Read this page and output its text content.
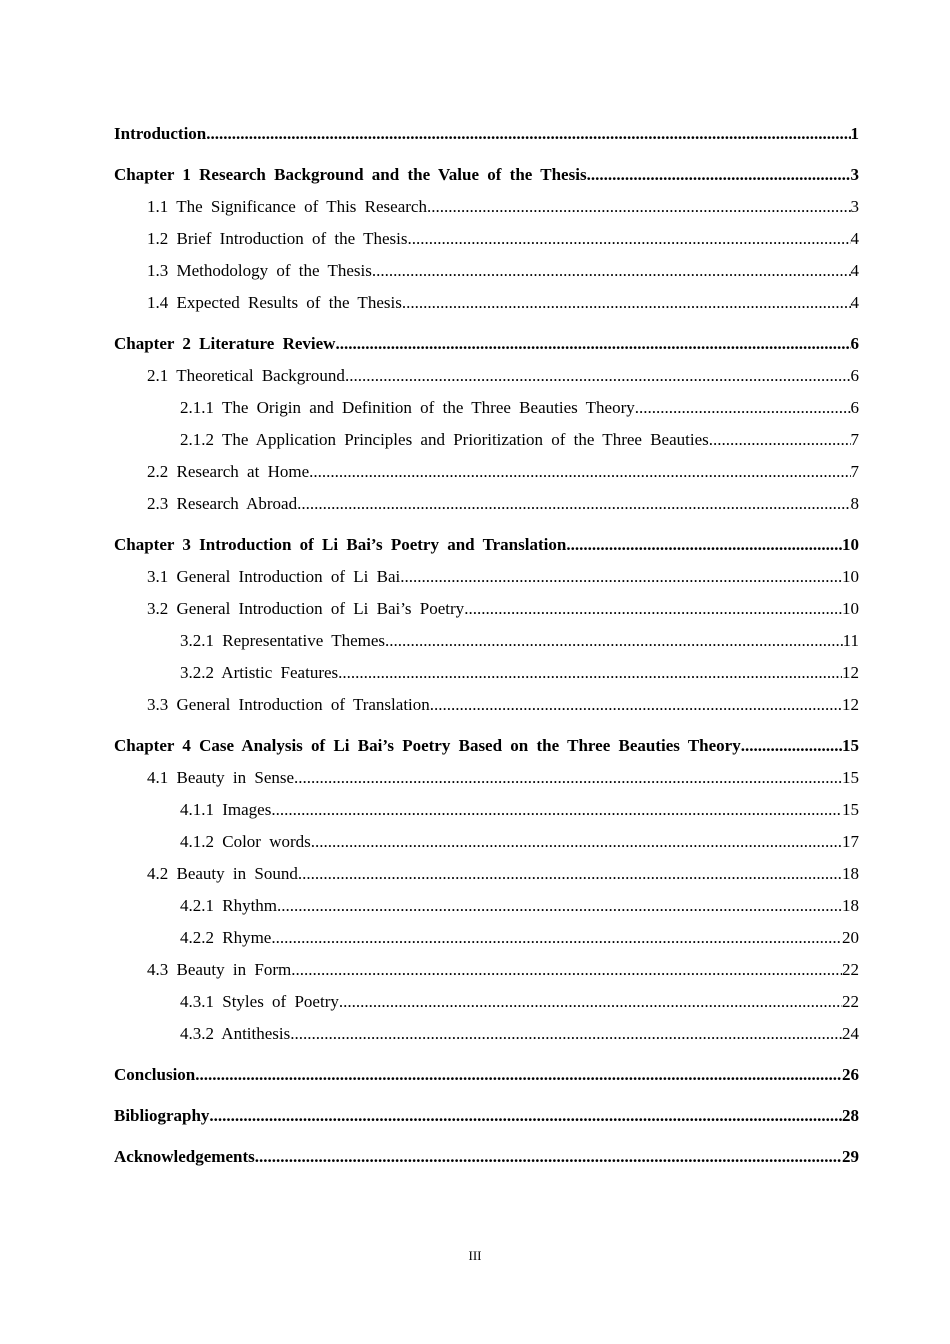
Introduction .....	1
Chapter 1 Research Background and the Value of the Thesis .....	3
1.1 The Significance of This Research .....	3
1.2 Brief Introduction of the Thesis .....	4
1.3 Methodology of the Thesis .....	4
1.4 Expected Results of the Thesis .....	4
Chapter 2 Literature Review .....	6
2.1 Theoretical Background .....	6
2.1.1 The Origin and Definition of the Three Beauties Theory .....	6
2.1.2 The Application Principles and Prioritization of the Three Beauties .....	7
2.2 Research at Home .....	7
2.3 Research Abroad .....	8
Chapter 3 Introduction of Li Bai’s Poetry and Translation .....	10
3.1 General Introduction of Li Bai .....	10
3.2 General Introduction of Li Bai’s Poetry .....	10
3.2.1 Representative Themes .....	11
3.2.2 Artistic Features .....	12
3.3 General Introduction of Translation .....	12
Chapter 4 Case Analysis of Li Bai’s Poetry Based on the Three Beauties Theory .....	15
4.1 Beauty in Sense .....	15
4.1.1 Images .....	15
4.1.2 Color words .....	17
4.2 Beauty in Sound .....	18
4.2.1 Rhythm .....	18
4.2.2 Rhyme .....	20
4.3 Beauty in Form .....	22
4.3.1 Styles of Poetry .....	22
4.3.2 Antithesis .....	24
Conclusion .....	26
Bibliography .....	28
Acknowledgements .....	29
III
